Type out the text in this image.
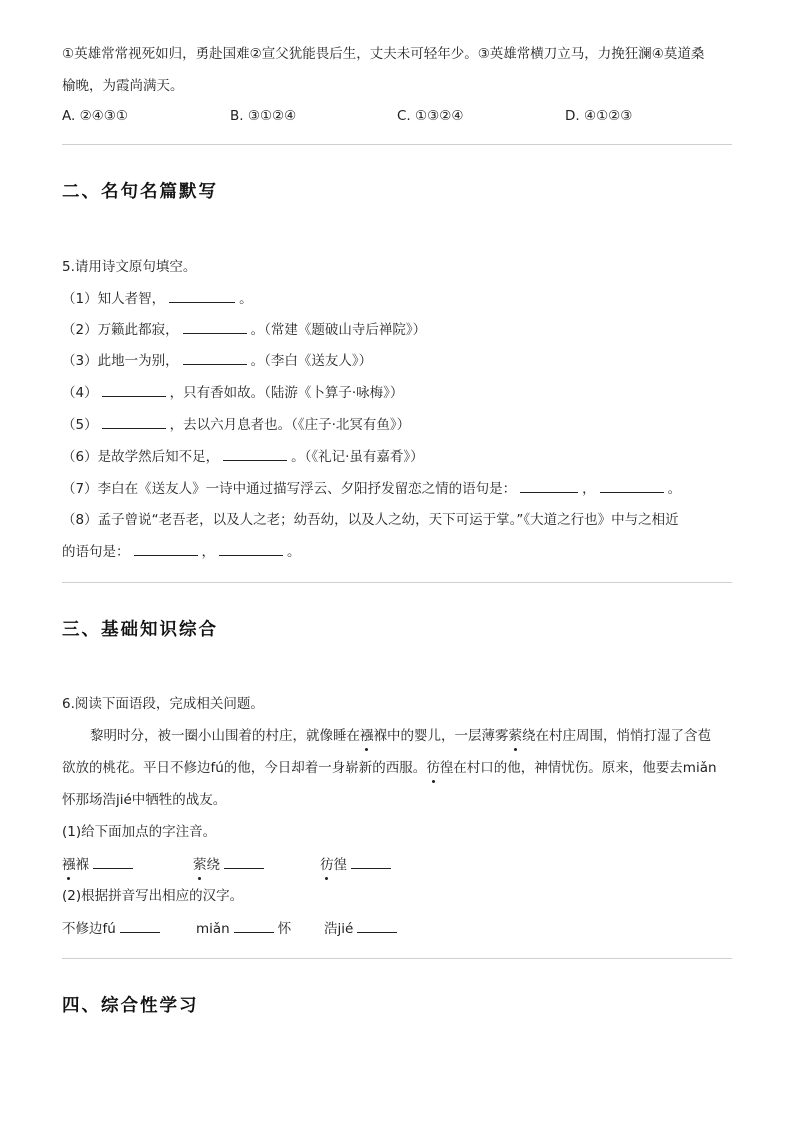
①英雄常常视死如归，勇赴国难②宣父犹能畏后生，丈夫未可轻年少。③英雄常横刀立马，力挽狂澜④莫道桑
榆晚，为霞尚满天。
A. ②④③①	B. ③①②④	C. ①③②④	D. ④①②③
二、名句名篇默写
5.请用诗文原句填空。
（1）知人者智，	。
（2）万籁此都寂，	。（常建《题破山寺后禅院》）
（3）此地一为别，	。（李白《送友人》）
（4）	，只有香如故。（陆游《卜算子·咏梅》）
（5）	，去以六月息者也。（《庄子·北冥有鱼》）
（6）是故学然后知不足，	。（《礼记·虽有嘉肴》）
（7）李白在《送友人》一诗中通过描写浮云、夕阳抒发留恋之情的语句是：	，	。
（8）孟子曾说“老吾老，以及人之老；幼吾幼，以及人之幼，天下可运于掌。”《大道之行也》中与之相近
的语句是：	，	。
三、基础知识综合
6.阅读下面语段，完成相关问题。
黎明时分，被一圈小山围着的村庄，就像睡在襁褓中的婴儿，一层薄雾萦绕在村庄周围，悄悄打湿了含苞
欲放的桃花。平日不修边fú的他，今日却着一身崭新的西服。彷徨在村口的他，神情忧伤。原来，他要去miǎn
怀那场浩jié中牺牲的战友。
(1)给下面加点的字注音。
襁褓	萦绕	彷徨
(2)根据拼音写出相应的汉字。
不修边fú	miǎn	怀 浩jié
四、综合性学习
